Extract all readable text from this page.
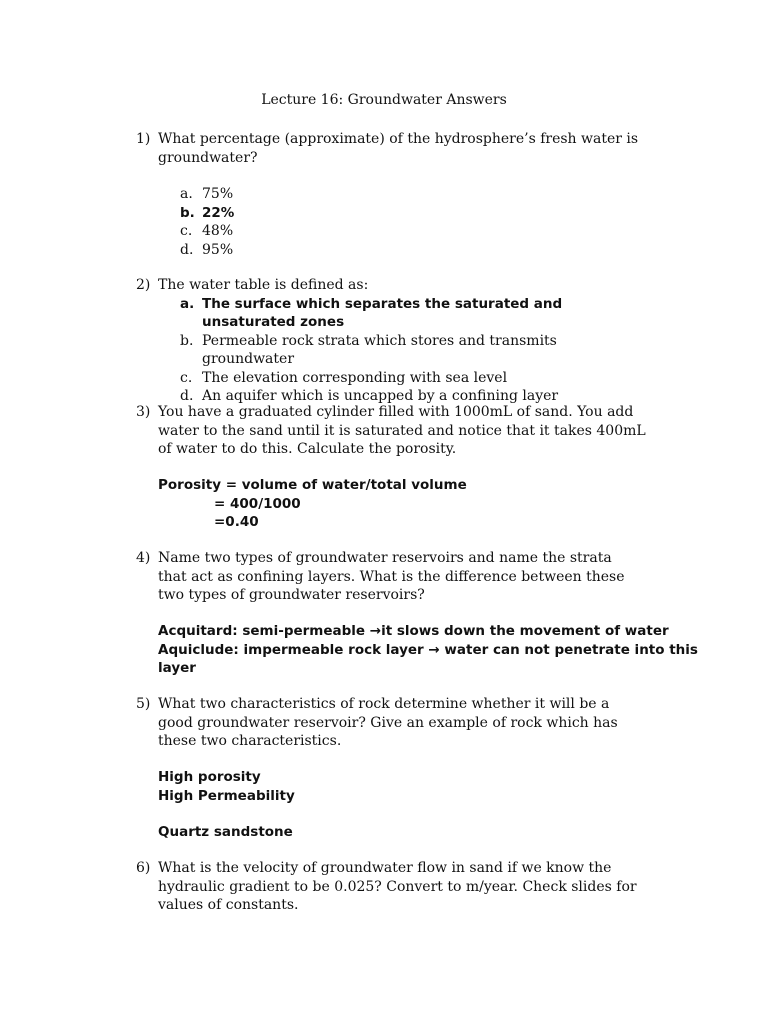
Lecture 16: Groundwater Answers
1) What percentage (approximate) of the hydrosphere’s fresh water is groundwater?
a. 75%
b. 22%
c. 48%
d. 95%
2) The water table is defined as:
a. The surface which separates the saturated and unsaturated zones
b. Permeable rock strata which stores and transmits groundwater
c. The elevation corresponding with sea level
d. An aquifer which is uncapped by a confining layer
3) You have a graduated cylinder filled with 1000mL of sand. You add water to the sand until it is saturated and notice that it takes 400mL of water to do this. Calculate the porosity.
Porosity = volume of water/total volume
= 400/1000
=0.40
4) Name two types of groundwater reservoirs and name the strata that act as confining layers. What is the difference between these two types of groundwater reservoirs?
Acquitard: semi-permeable →it slows down the movement of water
Aquiclude: impermeable rock layer → water can not penetrate into this
layer
5) What two characteristics of rock determine whether it will be a good groundwater reservoir? Give an example of rock which has these two characteristics.
High porosity
High Permeability
Quartz sandstone
6) What is the velocity of groundwater flow in sand if we know the hydraulic gradient to be 0.025? Convert to m/year. Check slides for values of constants.
